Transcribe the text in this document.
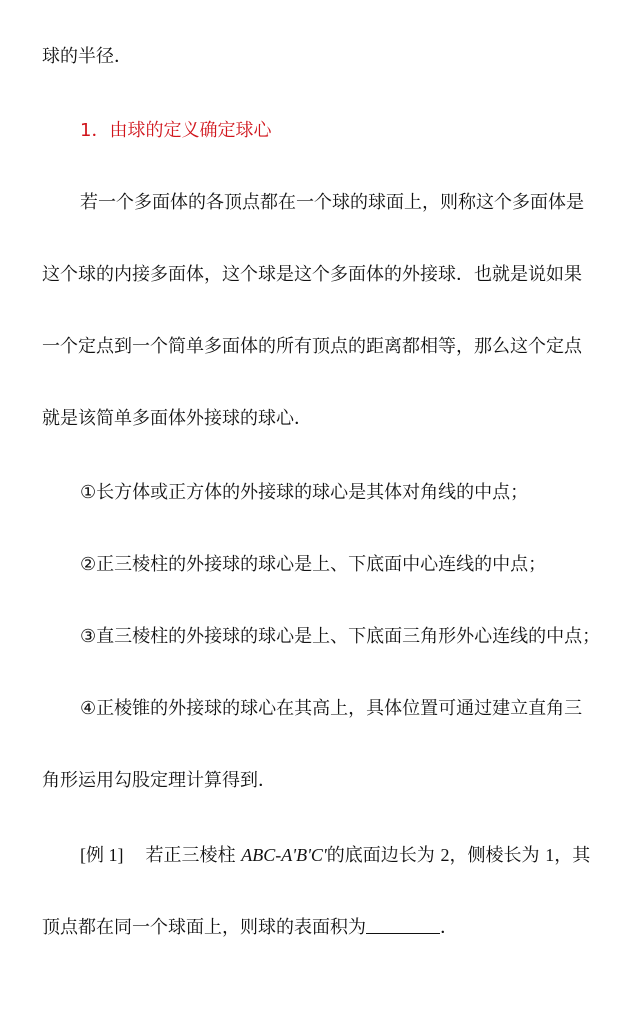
球的半径．
1．由球的定义确定球心
若一个多面体的各顶点都在一个球的球面上，则称这个多面体是
这个球的内接多面体，这个球是这个多面体的外接球．也就是说如果
一个定点到一个简单多面体的所有顶点的距离都相等，那么这个定点
就是该简单多面体外接球的球心．
①长方体或正方体的外接球的球心是其体对角线的中点；
②正三棱柱的外接球的球心是上、下底面中心连线的中点；
③直三棱柱的外接球的球心是上、下底面三角形外心连线的中点；
④正棱锥的外接球的球心在其高上，具体位置可通过建立直角三
角形运用勾股定理计算得到．
[例 1] 若正三棱柱 ABC-A'B'C'的底面边长为 2，侧棱长为 1，其
顶点都在同一个球面上，则球的表面积为	．
